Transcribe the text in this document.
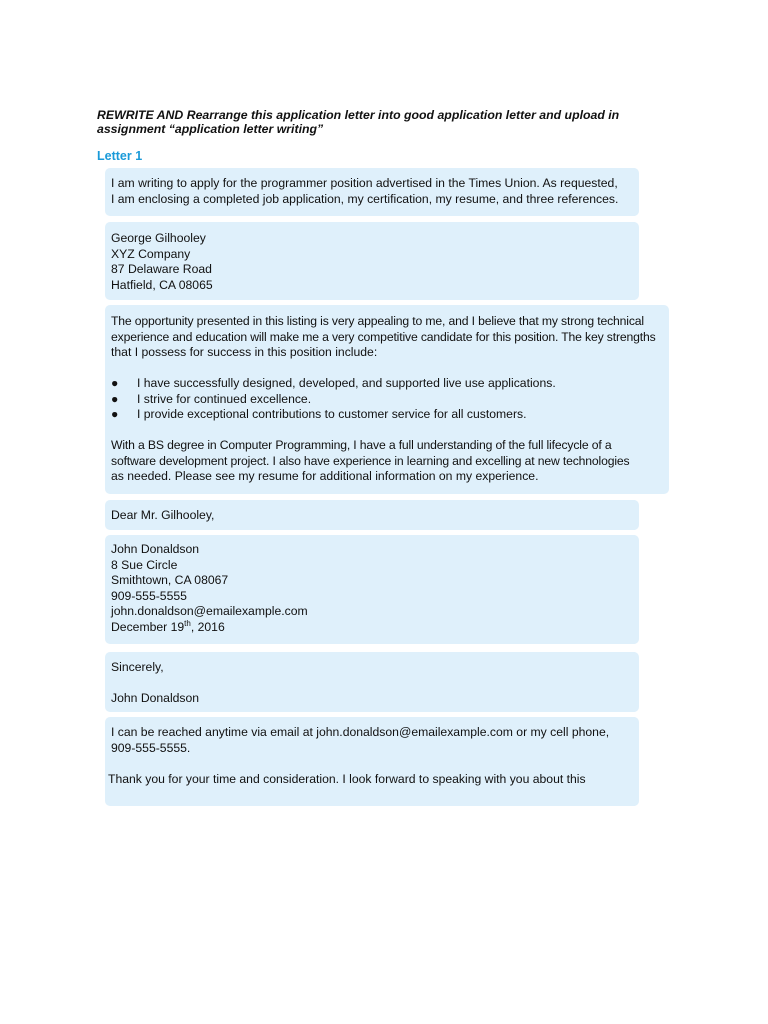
REWRITE AND Rearrange this application letter into good application letter and upload in

assignment “application letter writing”

Letter 1

I am writing to apply for the programmer position advertised in the Times Union. As requested,

I am enclosing a completed job application, my certification, my resume, and three references.

George Gilhooley

XYZ Company

87 Delaware Road

Hatfield, CA 08065

The opportunity presented in this listing is very appealing to me, and I believe that my strong technical

experience and education will make me a very competitive candidate for this position. The key strengths

that I possess for success in this position include:

●	I have successfully designed, developed, and supported live use applications.
●	I strive for continued excellence.
●	I provide exceptional contributions to customer service for all customers.

With a BS degree in Computer Programming, I have a full understanding of the full lifecycle of a

software development project. I also have experience in learning and excelling at new technologies

as needed. Please see my resume for additional information on my experience.

Dear Mr. Gilhooley,

John Donaldson

8 Sue Circle

Smithtown, CA 08067

909-555-5555

john.donaldson@emailexample.com

December 19th, 2016

Sincerely,

John Donaldson

I can be reached anytime via email at john.donaldson@emailexample.com or my cell phone,

909-555-5555.

Thank you for your time and consideration. I look forward to speaking with you about this
